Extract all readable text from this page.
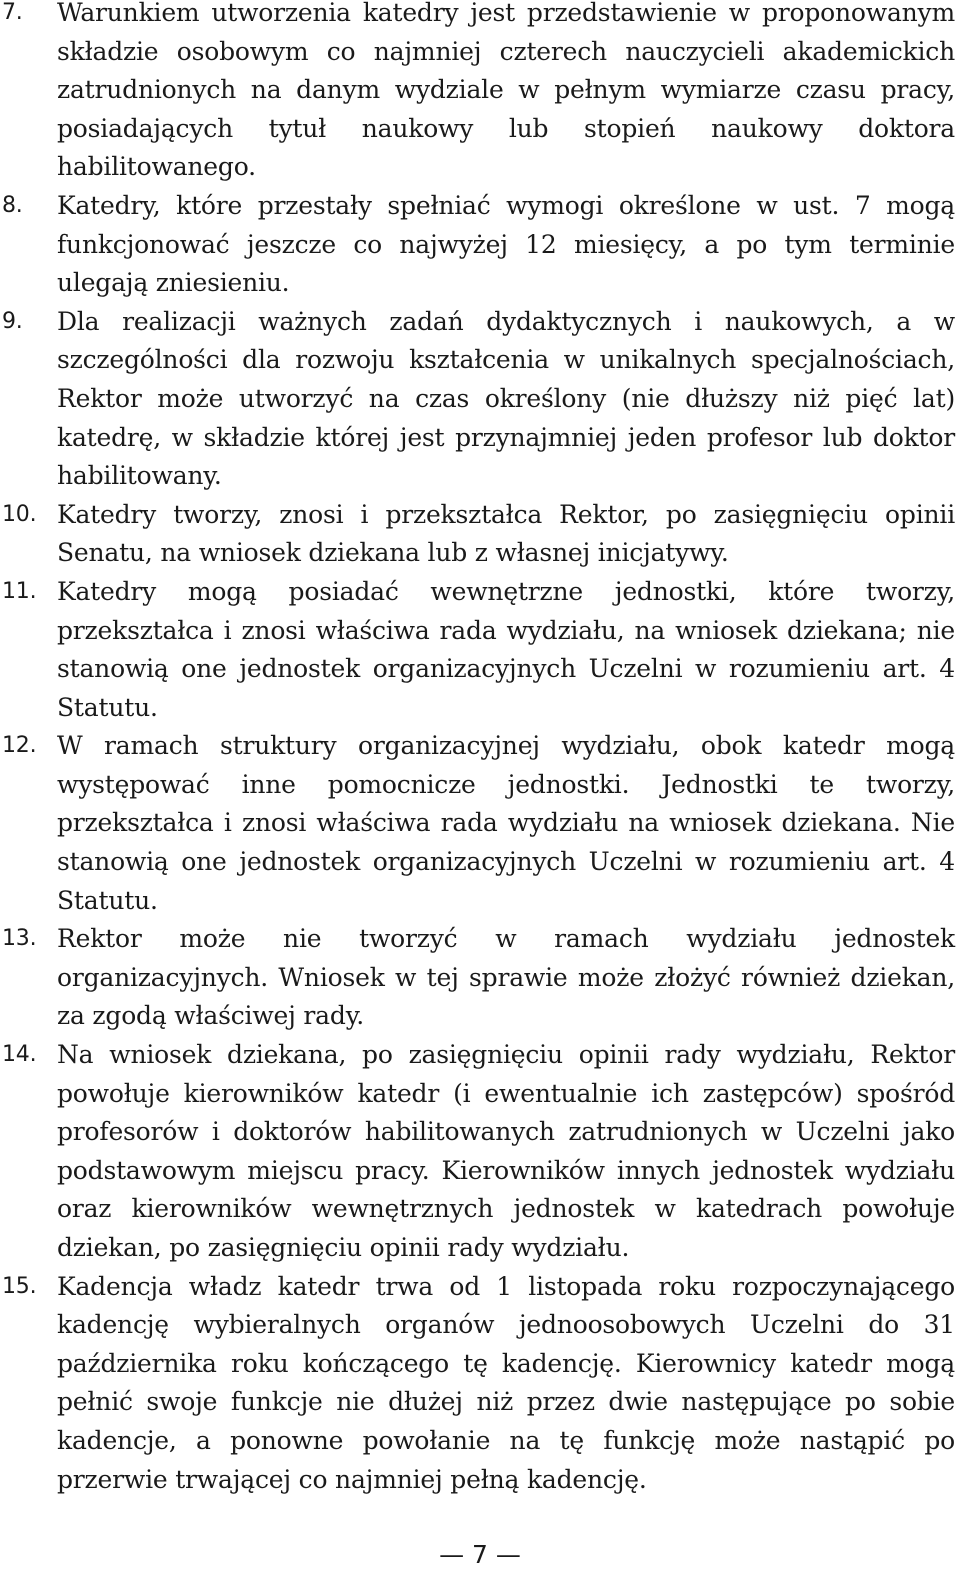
7.	Warunkiem utworzenia katedry jest przedstawienie w proponowanym składzie osobowym co najmniej czterech nauczycieli akademickich zatrudnionych na danym wydziale w pełnym wymiarze czasu pracy, posiadających tytuł naukowy lub stopień naukowy doktora habilitowanego.
8.	Katedry, które przestały spełniać wymogi określone w ust. 7 mogą funkcjonować jeszcze co najwyżej 12 miesięcy, a po tym terminie ulegają zniesieniu.
9.	Dla realizacji ważnych zadań dydaktycznych i naukowych, a w szczególności dla rozwoju kształcenia w unikalnych specjalnościach, Rektor może utworzyć na czas określony (nie dłuższy niż pięć lat) katedrę, w składzie której jest przynajmniej jeden profesor lub doktor habilitowany.
10. Katedry tworzy, znosi i przekształca Rektor, po zasięgnięciu opinii Senatu, na wniosek dziekana lub z własnej inicjatywy.
11. Katedry mogą posiadać wewnętrzne jednostki, które tworzy, przekształca i znosi właściwa rada wydziału, na wniosek dziekana; nie stanowią one jednostek organizacyjnych Uczelni w rozumieniu art. 4 Statutu.
12. W ramach struktury organizacyjnej wydziału, obok katedr mogą występować inne pomocnicze jednostki. Jednostki te tworzy, przekształca i znosi właściwa rada wydziału na wniosek dziekana. Nie stanowią one jednostek organizacyjnych Uczelni w rozumieniu art. 4 Statutu.
13. Rektor może nie tworzyć w ramach wydziału jednostek organizacyjnych. Wniosek w tej sprawie może złożyć również dziekan, za zgodą właściwej rady.
14. Na wniosek dziekana, po zasięgnięciu opinii rady wydziału, Rektor powołuje kierowników katedr (i ewentualnie ich zastępców) spośród profesorów i doktorów habilitowanych zatrudnionych w Uczelni jako podstawowym miejscu pracy. Kierowników innych jednostek wydziału oraz kierowników wewnętrznych jednostek w katedrach powołuje dziekan, po zasięgnięciu opinii rady wydziału.
15. Kadencja władz katedr trwa od 1 listopada roku rozpoczynającego kadencję wybieralnych organów jednoosobowych Uczelni do 31 października roku kończącego tę kadencję. Kierownicy katedr mogą pełnić swoje funkcje nie dłużej niż przez dwie następujące po sobie kadencje, a ponowne powołanie na tę funkcję może nastąpić po przerwie trwającej co najmniej pełną kadencję.
— 7 —
